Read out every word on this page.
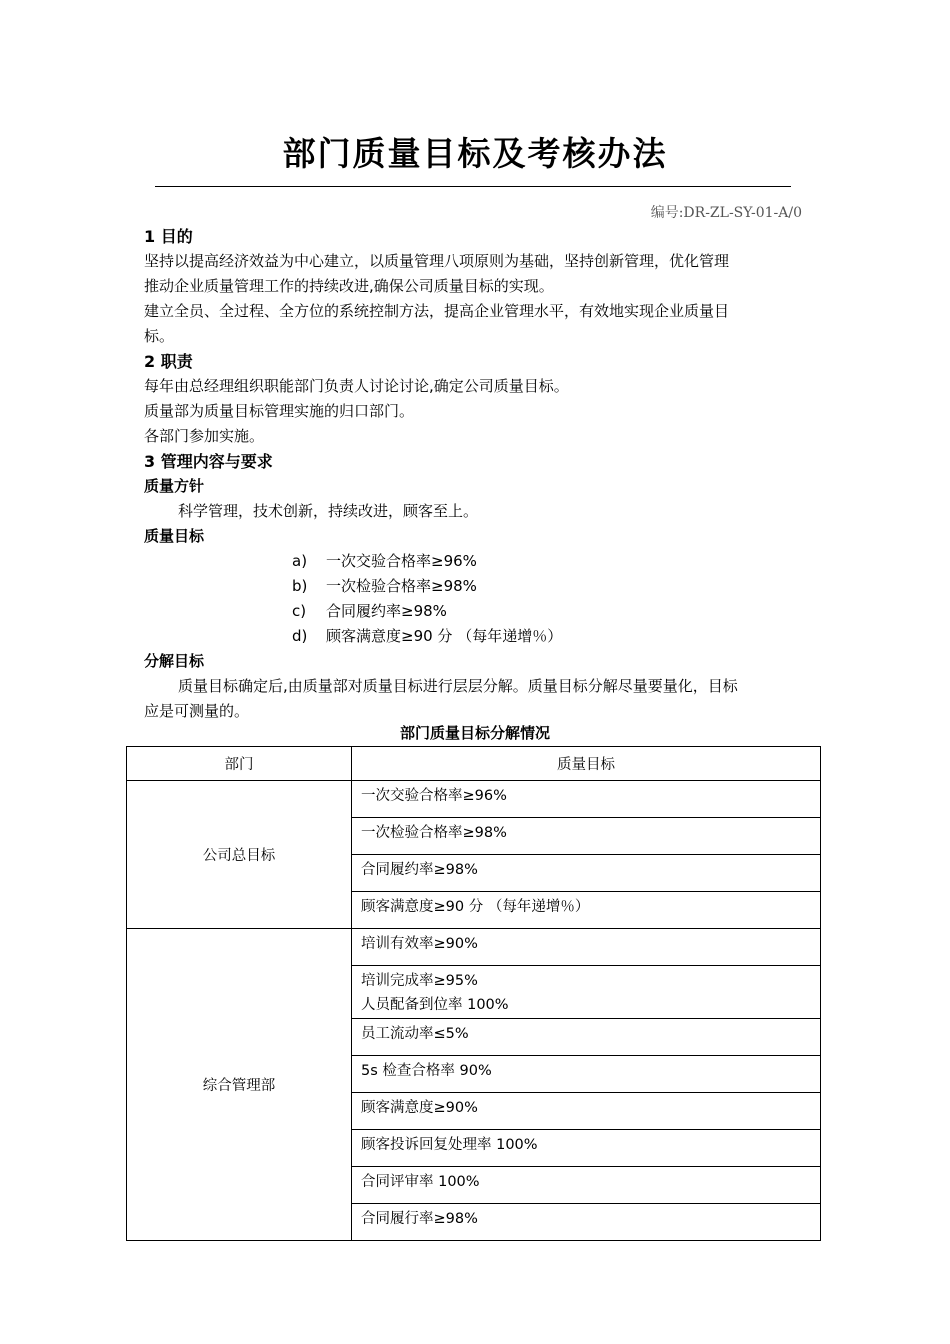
部门质量目标及考核办法
编号:DR-ZL-SY-01-A/0

1 目的

坚持以提高经济效益为中心建立，以质量管理八项原则为基础，坚持创新管理，优化管理

推动企业质量管理工作的持续改进,确保公司质量目标的实现。

建立全员、全过程、全方位的系统控制方法，提高企业管理水平，有效地实现企业质量目

标。

2 职责

每年由总经理组织职能部门负责人讨论讨论,确定公司质量目标。

质量部为质量目标管理实施的归口部门。

各部门参加实施。

3 管理内容与要求

质量方针

科学管理，技术创新，持续改进，顾客至上。

质量目标

a) 一次交验合格率≥96%
b) 一次检验合格率≥98%
c) 合同履约率≥98%
d) 顾客满意度≥90 分 （每年递增％）

分解目标

质量目标确定后,由质量部对质量目标进行层层分解。质量目标分解尽量要量化，目标

应是可测量的。

部门质量目标分解情况
部门	质量目标
公司总目标	一次交验合格率≥96%
	一次检验合格率≥98%
	合同履约率≥98%
	顾客满意度≥90 分 （每年递增％）
综合管理部	培训有效率≥90%

	培训完成率≥95%
人员配备到位率 100%

	员工流动率≤5%
	5s 检查合格率 90%
	顾客满意度≥90%
	顾客投诉回复处理率 100%
	合同评审率 100%
	合同履行率≥98%
